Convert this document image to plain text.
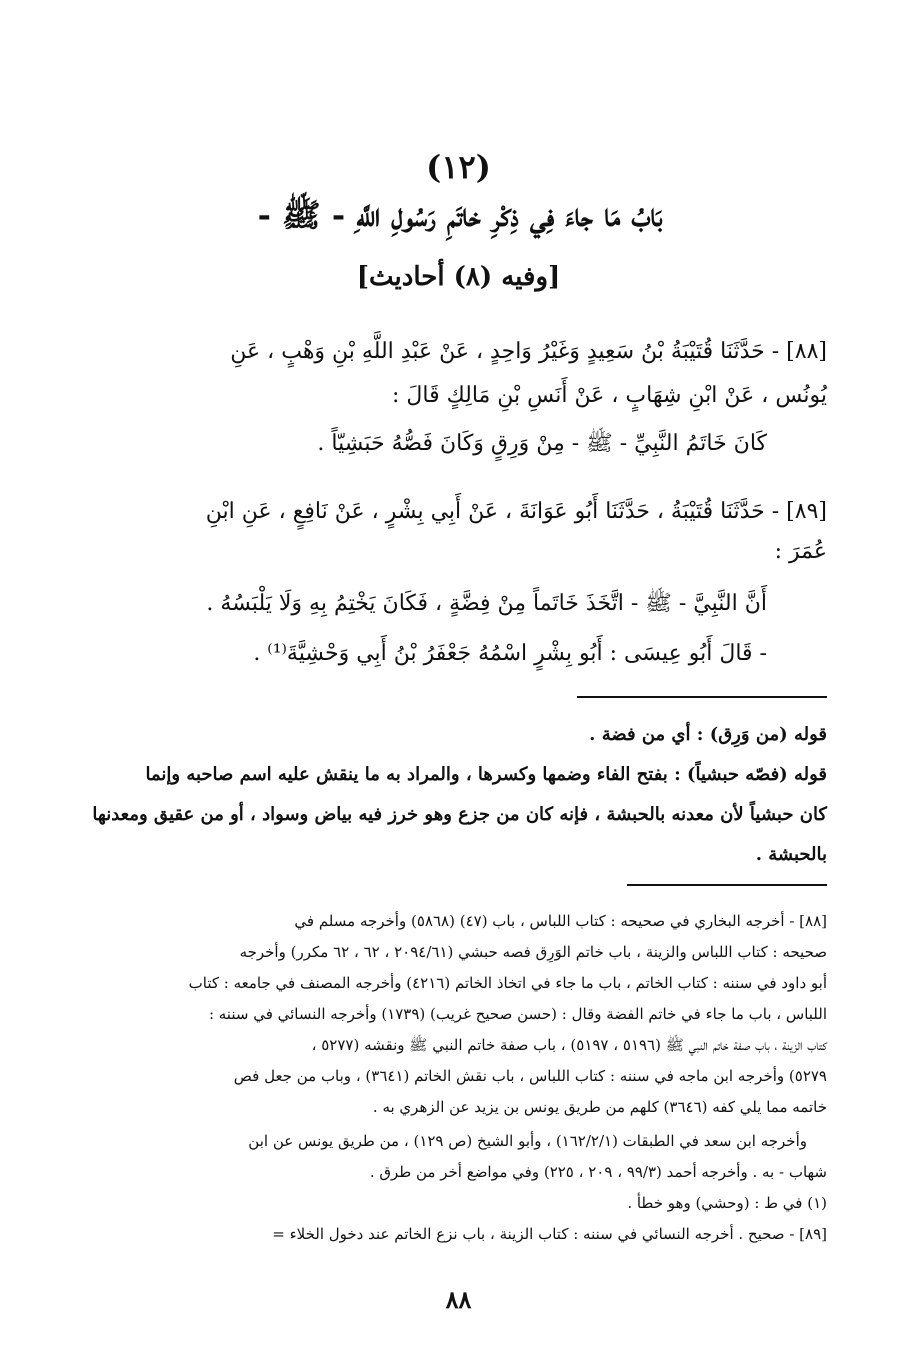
(١٢)
بَابُ مَا جاءَ فِي ذِكْرِ خاتَمِ رَسُولِ اللَّهِ - ﷺ -
[وفيه (٨) أحاديث]
[٨٨] - حَدَّثَنَا قُتَيْبَةُ بْنُ سَعِيدٍ وَغَيْرُ وَاحِدٍ ، عَنْ عَبْدِ اللَّهِ بْنِ وَهْبٍ ، عَنِ
يُونُس ، عَنْ ابْنِ شِهَابٍ ، عَنْ أَنَسِ بْنِ مَالِكٍ قَالَ :
كَانَ خَاتَمُ النَّبِيِّ - ﷺ - مِنْ وَرِقٍ وَكَانَ فَصُّهُ حَبَشِيّاً .
[٨٩] - حَدَّثَنَا قُتَيْبَةُ ، حَدَّثَنَا أَبُو عَوَانَةَ ، عَنْ أَبِي بِشْرٍ ، عَنْ نَافِعٍ ، عَنِ ابْنِ
عُمَرَ :
أَنَّ النَّبِيَّ - ﷺ - اتَّخَذَ خَاتَماً مِنْ فِضَّةٍ ، فَكَانَ يَخْتِمُ بِهِ وَلَا يَلْبَسُهُ .
- قَالَ أَبُو عِيسَى : أَبُو بِشْرٍ اسْمُهُ جَعْفَرُ بْنُ أَبِي وَحْشِيَّةَ⁽¹⁾ .
قوله (من وَرِق) : أي من فضة .
قوله (فصّه حبشياً) : بفتح الفاء وضمها وكسرها ، والمراد به ما ينقش عليه اسم صاحبه وإنما
كان حبشياً لأن معدنه بالحبشة ، فإنه كان من جزع وهو خرز فيه بياض وسواد ، أو من عقيق ومعدنها
بالحبشة .
[٨٨] - أخرجه البخاري في صحيحه : كتاب اللباس ، باب (٤٧) (٥٨٦٨) وأخرجه مسلم في
صحيحه : كتاب اللباس والزينة ، باب خاتم الوَرِق فصه حبشي (٢٠٩٤/٦١ ، ٦٢ ، ٦٢ مكرر) وأخرجه
أبو داود في سننه : كتاب الخاتم ، باب ما جاء في اتخاذ الخاتم (٤٢١٦) وأخرجه المصنف في جامعه : كتاب
اللباس ، باب ما جاء في خاتم الفضة وقال : (حسن صحيح غريب) (١٧٣٩) وأخرجه النسائي في سننه :
كتاب الزينة ، باب صفة خاتم النبي ﷺ (٥١٩٦ ، ٥١٩٧) ، باب صفة خاتم النبي ﷺ ونقشه (٥٢٧٧ ،
٥٢٧٩) وأخرجه ابن ماجه في سننه : كتاب اللباس ، باب نقش الخاتم (٣٦٤١) ، وباب من جعل فص
خاتمه مما يلي كفه (٣٦٤٦) كلهم من طريق يونس بن يزيد عن الزهري به .
وأخرجه ابن سعد في الطبقات (١٦٢/٢/١) ، وأبو الشيخ (ص ١٢٩) ، من طريق يونس عن ابن
شهاب - به . وأخرجه أحمد (٩٩/٣ ، ٢٠٩ ، ٢٢٥) وفي مواضع أخر من طرق .
(١) في ط : (وحشي) وهو خطأ .
[٨٩] - صحيح . أخرجه النسائي في سننه : كتاب الزينة ، باب نزع الخاتم عند دخول الخلاء =
٨٨
